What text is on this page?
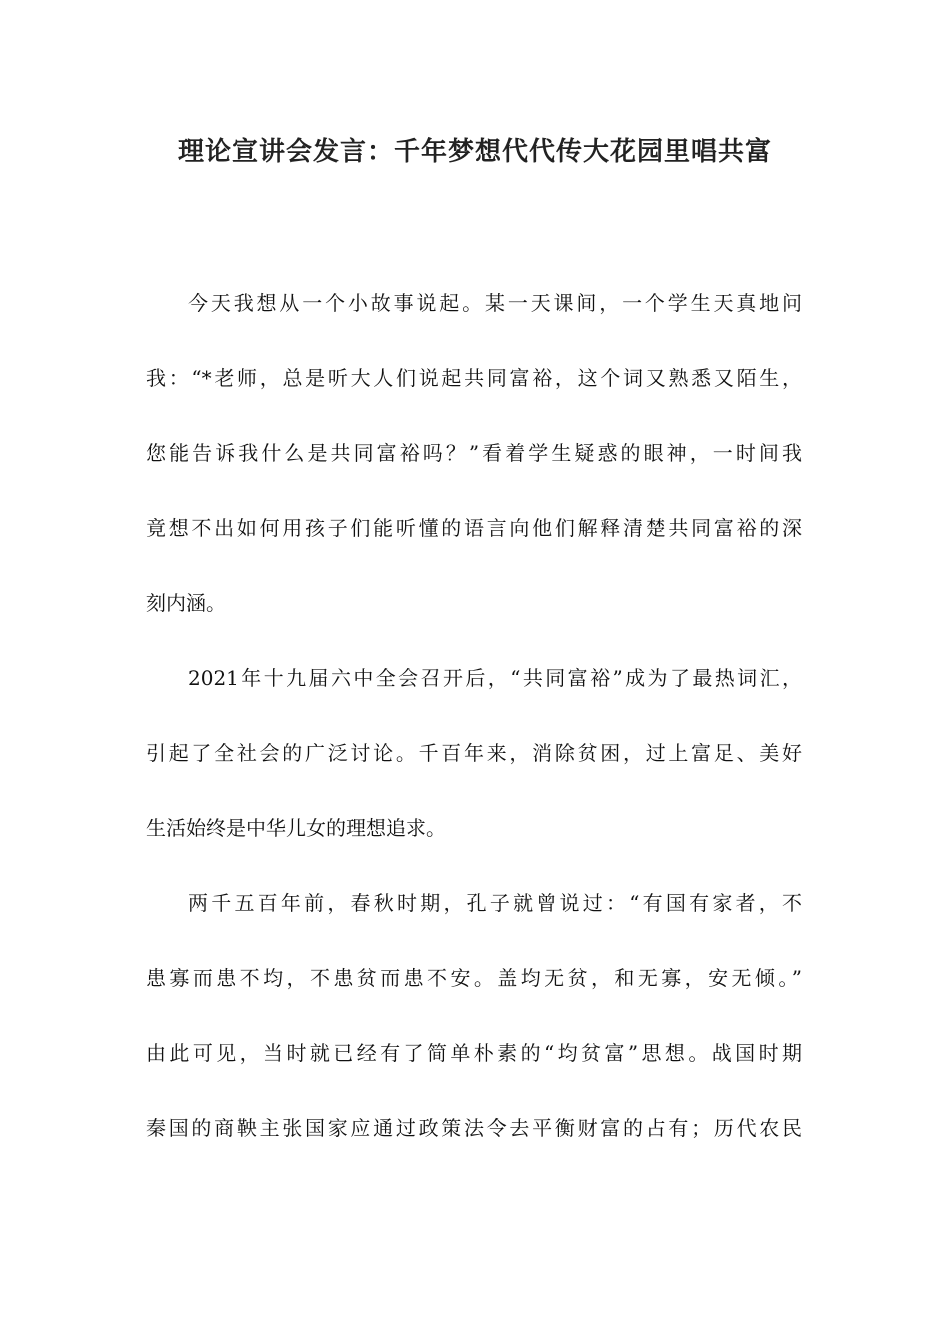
理论宣讲会发言：千年梦想代代传大花园里唱共富
今天我想从一个小故事说起。某一天课间，一个学生天真地问
我：“*老师，总是听大人们说起共同富裕，这个词又熟悉又陌生，
您能告诉我什么是共同富裕吗？”看着学生疑惑的眼神，一时间我
竟想不出如何用孩子们能听懂的语言向他们解释清楚共同富裕的深
刻内涵。
2021年十九届六中全会召开后，“共同富裕”成为了最热词汇，
引起了全社会的广泛讨论。千百年来，消除贫困，过上富足、美好
生活始终是中华儿女的理想追求。
两千五百年前，春秋时期，孔子就曾说过：“有国有家者，不
患寡而患不均，不患贫而患不安。盖均无贫，和无寡，安无倾。”
由此可见，当时就已经有了简单朴素的“均贫富”思想。战国时期
秦国的商鞅主张国家应通过政策法令去平衡财富的占有；历代农民
